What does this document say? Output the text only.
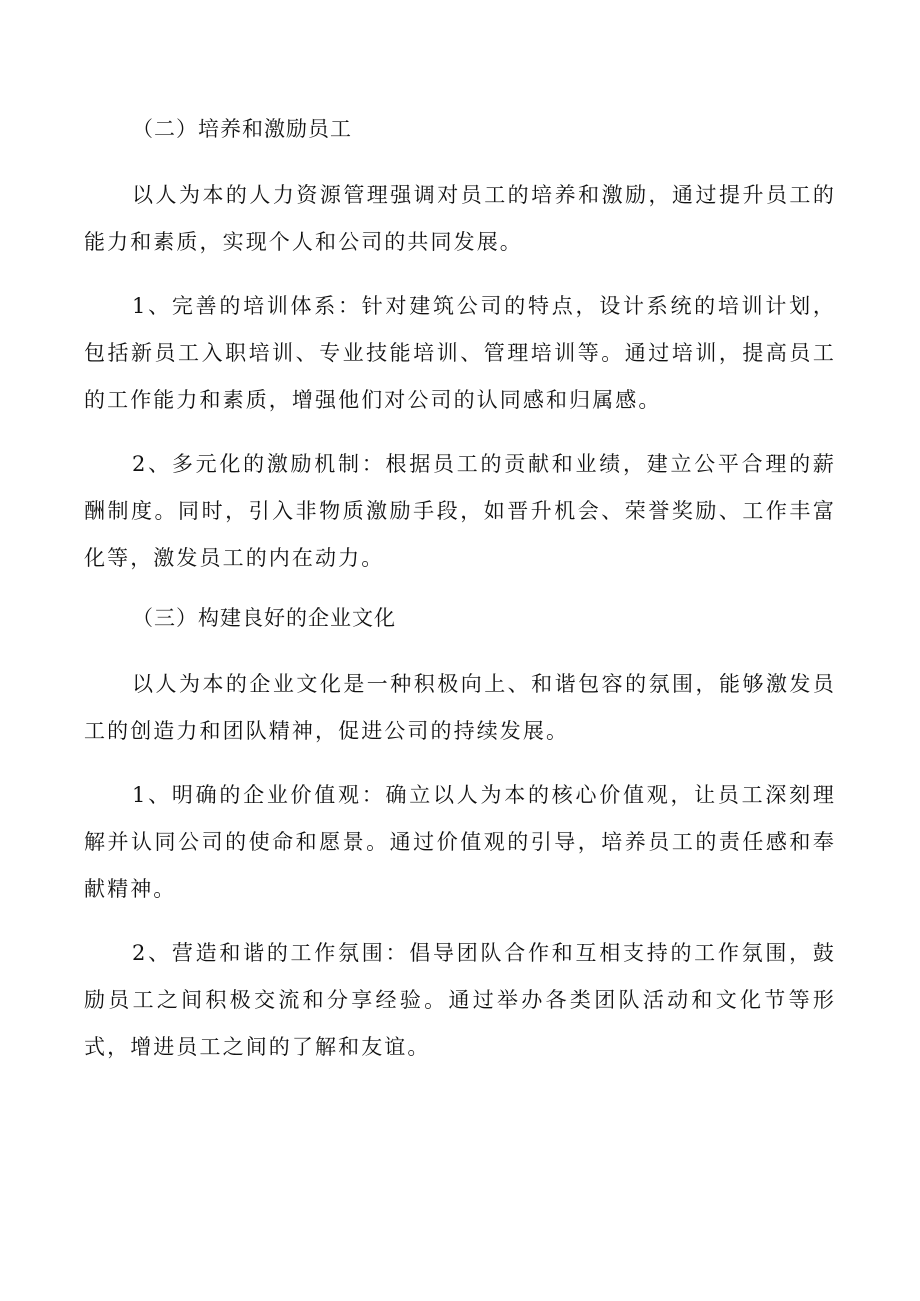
（二）培养和激励员工

以人为本的人力资源管理强调对员工的培养和激励，通过提升员工的能力和素质，实现个人和公司的共同发展。

1、完善的培训体系：针对建筑公司的特点，设计系统的培训计划，包括新员工入职培训、专业技能培训、管理培训等。通过培训，提高员工的工作能力和素质，增强他们对公司的认同感和归属感。

2、多元化的激励机制：根据员工的贡献和业绩，建立公平合理的薪酬制度。同时，引入非物质激励手段，如晋升机会、荣誉奖励、工作丰富化等，激发员工的内在动力。

（三）构建良好的企业文化

以人为本的企业文化是一种积极向上、和谐包容的氛围，能够激发员工的创造力和团队精神，促进公司的持续发展。

1、明确的企业价值观：确立以人为本的核心价值观，让员工深刻理解并认同公司的使命和愿景。通过价值观的引导，培养员工的责任感和奉献精神。

2、营造和谐的工作氛围：倡导团队合作和互相支持的工作氛围，鼓励员工之间积极交流和分享经验。通过举办各类团队活动和文化节等形式，增进员工之间的了解和友谊。
